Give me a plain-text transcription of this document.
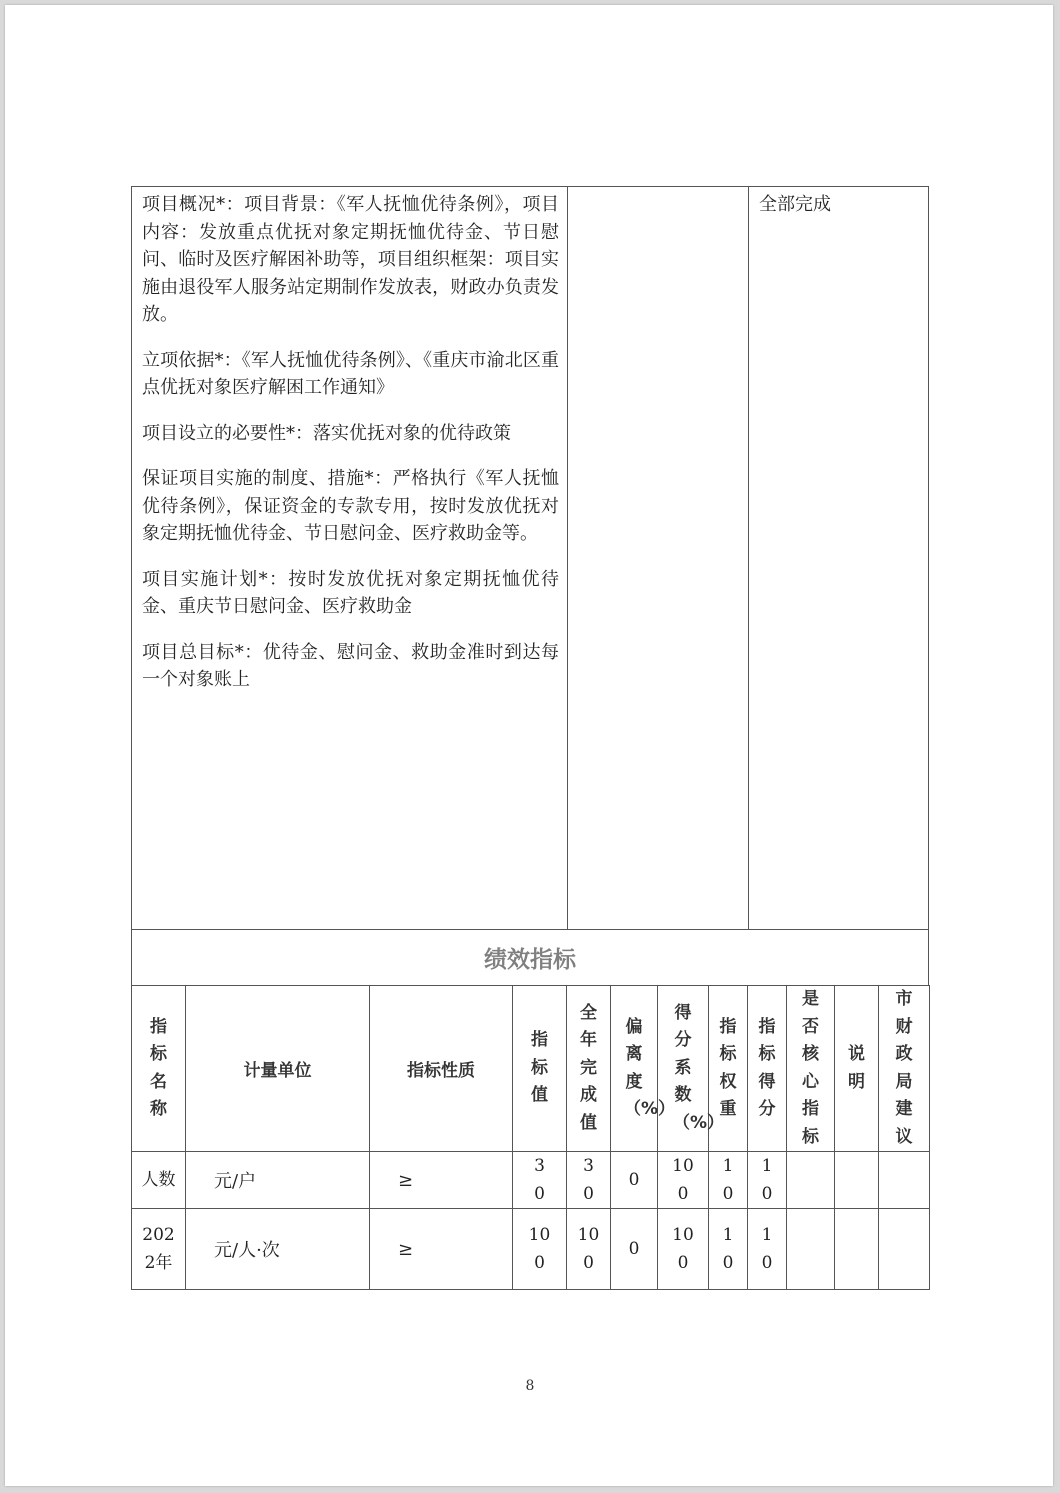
项目概况*：项目背景：《军人抚恤优待条例》，项目内容：发放重点优抚对象定期抚恤优待金、节日慰问、临时及医疗解困补助等，项目组织框架：项目实施由退役军人服务站定期制作发放表，财政办负责发放。

立项依据*：《军人抚恤优待条例》、《重庆市渝北区重点优抚对象医疗解困工作通知》

项目设立的必要性*：落实优抚对象的优待政策

保证项目实施的制度、措施*：严格执行《军人抚恤优待条例》，保证资金的专款专用，按时发放优抚对象定期抚恤优待金、节日慰问金、医疗救助金等。

项目实施计划*：按时发放优抚对象定期抚恤优待金、重庆节日慰问金、医疗救助金

项目总目标*：优待金、慰问金、救助金准时到达每一个对象账上

全部完成
绩效指标
指标名称	计量单位	指标性质	指标值	全年完成值	偏离度（%）	得分系数（%）	指标权重	指标得分	是否核心指标	说明	市财政局建议
人数	元/户	≥	30	30	0	100	10	10			
2022年	元/人·次	≥	100	100	0	100	10	10			
8
